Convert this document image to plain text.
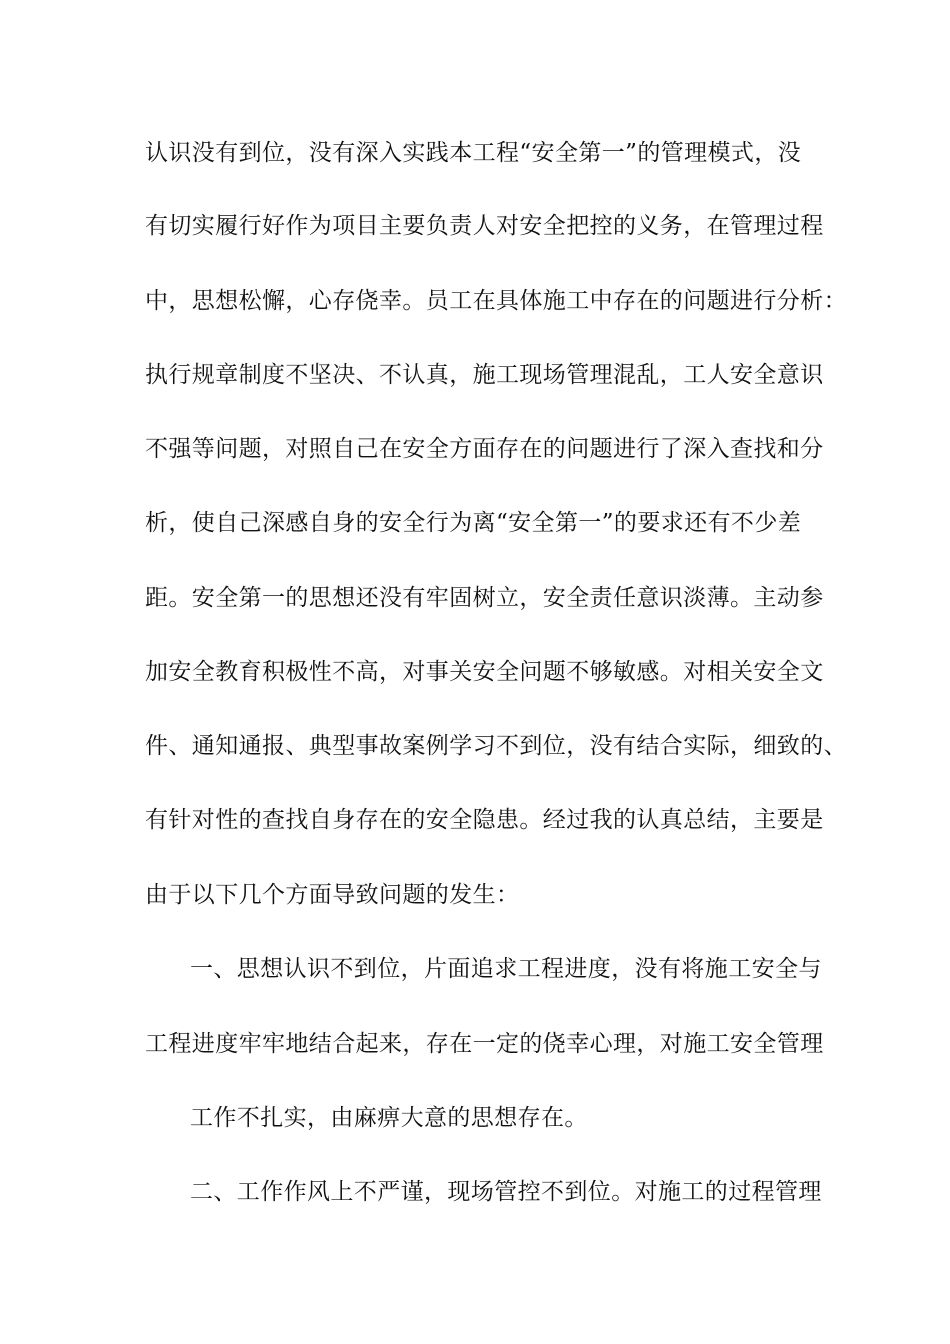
认识没有到位，没有深入实践本工程“安全第一”的管理模式，没
有切实履行好作为项目主要负责人对安全把控的义务，在管理过程
中，思想松懈，心存侥幸。员工在具体施工中存在的问题进行分析：
执行规章制度不坚决、不认真，施工现场管理混乱，工人安全意识
不强等问题，对照自己在安全方面存在的问题进行了深入查找和分
析，使自己深感自身的安全行为离“安全第一”的要求还有不少差
距。安全第一的思想还没有牢固树立，安全责任意识淡薄。主动参
加安全教育积极性不高，对事关安全问题不够敏感。对相关安全文
件、通知通报、典型事故案例学习不到位，没有结合实际，细致的、
有针对性的查找自身存在的安全隐患。经过我的认真总结，主要是
由于以下几个方面导致问题的发生：
一、思想认识不到位，片面追求工程进度，没有将施工安全与
工程进度牢牢地结合起来，存在一定的侥幸心理，对施工安全管理
工作不扎实，由麻痹大意的思想存在。
二、工作作风上不严谨，现场管控不到位。对施工的过程管理
